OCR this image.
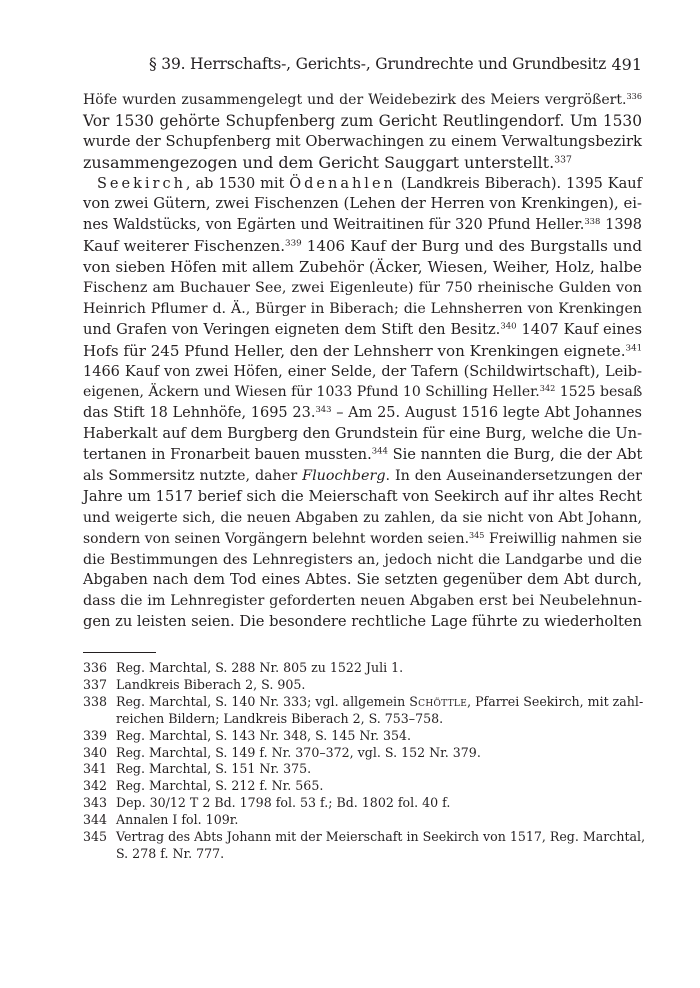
§ 39. Herrschafts-, Gerichts-, Grundrechte und Grundbesitz 491
Höfe wurden zusammengelegt und der Weidebezirk des Meiers vergrößert.$^{336}$
Vor 1530 gehörte Schupfenberg zum Gericht Reutlingendorf. Um 1530
wurde der Schupfenberg mit Oberwachingen zu einem Verwaltungsbezirk
zusammengezogen und dem Gericht Sauggart unterstellt.$^{337}$
Seekirch, ab 1530 mit Ödenahlen (Landkreis Biberach). 1395 Kauf
von zwei Gütern, zwei Fischenzen (Lehen der Herren von Krenkingen), ei-
nes Waldstücks, von Egärten und Weitraitinen für 320 Pfund Heller.$^{338}$ 1398
Kauf weiterer Fischenzen.$^{339}$ 1406 Kauf der Burg und des Burgstalls und
von sieben Höfen mit allem Zubehör (Äcker, Wiesen, Weiher, Holz, halbe
Fischenz am Buchauer See, zwei Eigenleute) für 750 rheinische Gulden von
Heinrich Pflumer d. Ä., Bürger in Biberach; die Lehnsherren von Krenkingen
und Grafen von Veringen eigneten dem Stift den Besitz.$^{340}$ 1407 Kauf eines
Hofs für 245 Pfund Heller, den der Lehnsherr von Krenkingen eignete.$^{341}$
1466 Kauf von zwei Höfen, einer Selde, der Tafern (Schildwirtschaft), Leib-
eigenen, Äckern und Wiesen für 1033 Pfund 10 Schilling Heller.$^{342}$ 1525 besaß
das Stift 18 Lehnhöfe, 1695 23.$^{343}$ – Am 25. August 1516 legte Abt Johannes
Haberkalt auf dem Burgberg den Grundstein für eine Burg, welche die Un-
tertanen in Fronarbeit bauen mussten.$^{344}$ Sie nannten die Burg, die der Abt
als Sommersitz nutzte, daher Fluochberg. In den Auseinandersetzungen der
Jahre um 1517 berief sich die Meierschaft von Seekirch auf ihr altes Recht
und weigerte sich, die neuen Abgaben zu zahlen, da sie nicht von Abt Johann,
sondern von seinen Vorgängern belehnt worden seien.$^{345}$ Freiwillig nahmen sie
die Bestimmungen des Lehnregisters an, jedoch nicht die Landgarbe und die
Abgaben nach dem Tod eines Abtes. Sie setzten gegenüber dem Abt durch,
dass die im Lehnregister geforderten neuen Abgaben erst bei Neubelehnun-
gen zu leisten seien. Die besondere rechtliche Lage führte zu wiederholten
336 Reg. Marchtal, S. 288 Nr. 805 zu 1522 Juli 1.
337 Landkreis Biberach 2, S. 905.
338 Reg. Marchtal, S. 140 Nr. 333; vgl. allgemein Schöttle, Pfarrei Seekirch, mit zahl-
reichen Bildern; Landkreis Biberach 2, S. 753–758.
339 Reg. Marchtal, S. 143 Nr. 348, S. 145 Nr. 354.
340 Reg. Marchtal, S. 149 f. Nr. 370–372, vgl. S. 152 Nr. 379.
341 Reg. Marchtal, S. 151 Nr. 375.
342 Reg. Marchtal, S. 212 f. Nr. 565.
343 Dep. 30/12 T 2 Bd. 1798 fol. 53 f.; Bd. 1802 fol. 40 f.
344 Annalen I fol. 109r.
345 Vertrag des Abts Johann mit der Meierschaft in Seekirch von 1517, Reg. Marchtal,
S. 278 f. Nr. 777.
